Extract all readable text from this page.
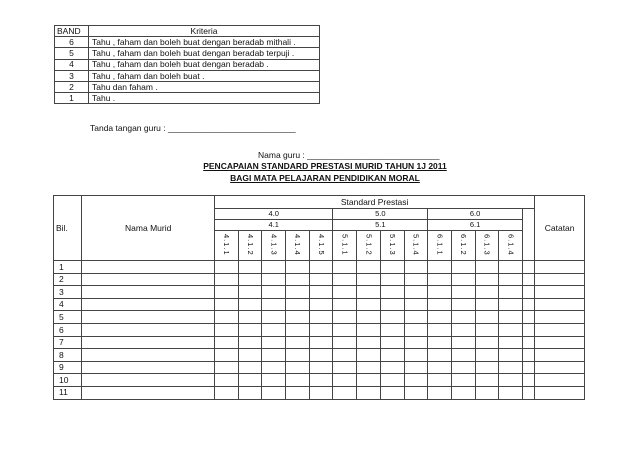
BAND	Kriteria
6	Tahu , faham dan boleh buat dengan beradab mithali .
5	Tahu , faham dan boleh buat dengan beradab terpuji .
4	Tahu , faham dan boleh buat dengan beradab .
3	Tahu , faham dan boleh buat .
2	Tahu dan faham .
1	Tahu .
Tanda tangan guru : ___________________________
Nama guru : ____________________________
PENCAPAIAN STANDARD PRESTASI MURID TAHUN 1J 2011
BAGI MATA PELAJARAN PENDIDIKAN MORAL
Bil.	Nama Murid	Standard Prestasi														Catatan
		4.0					5.0				6.0					
		4.1					5.1				6.1					
		4.1.1	4.1.2	4.1.3	4.1.4	4.1.5	5.1.1	5.1.2	5.1.3	5.1.4	6.1.1	6.1.2	6.1.3	6.1.4		
1																
2																
3																
4																
5																
6																
7																
8																
9																
10																
11																
